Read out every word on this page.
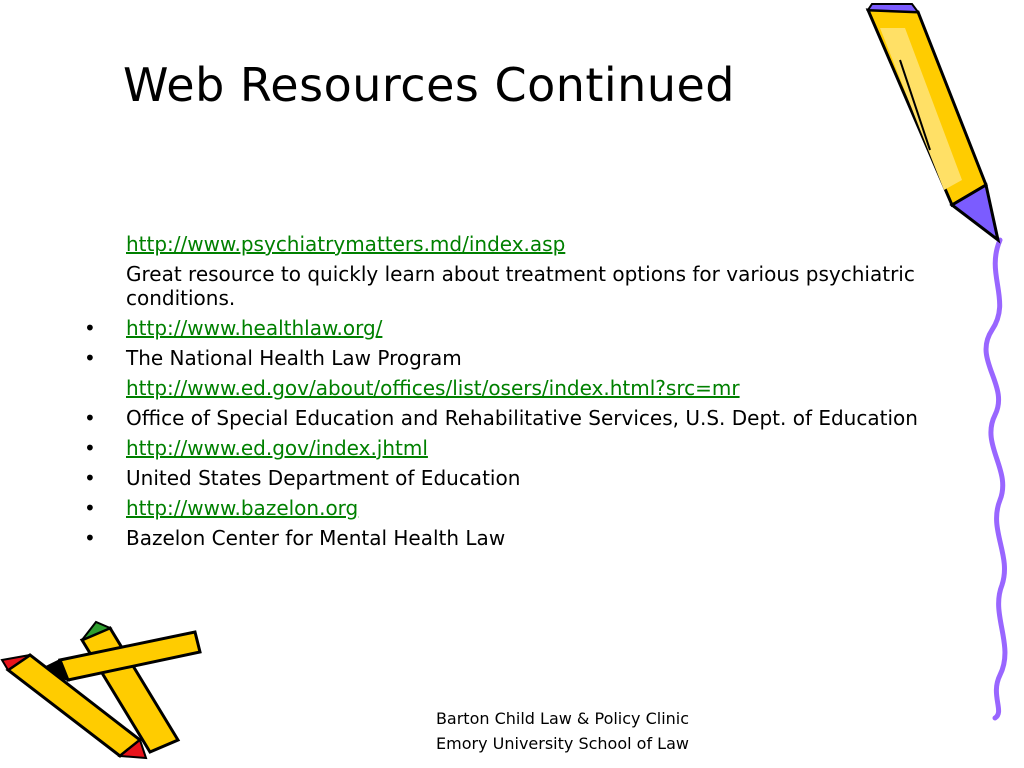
Web Resources Continued
http://www.psychiatrymatters.md/index.asp
Great resource to quickly learn about treatment options for various psychiatric conditions.
•	http://www.healthlaw.org/
•	The National Health Law Program
http://www.ed.gov/about/offices/list/osers/index.html?src=mr
•	Office of Special Education and Rehabilitative Services, U.S. Dept. of Education
•	http://www.ed.gov/index.jhtml
•	United States Department of Education
•	http://www.bazelon.org
•	Bazelon Center for Mental Health Law
Barton Child Law & Policy Clinic
Emory University School of Law
